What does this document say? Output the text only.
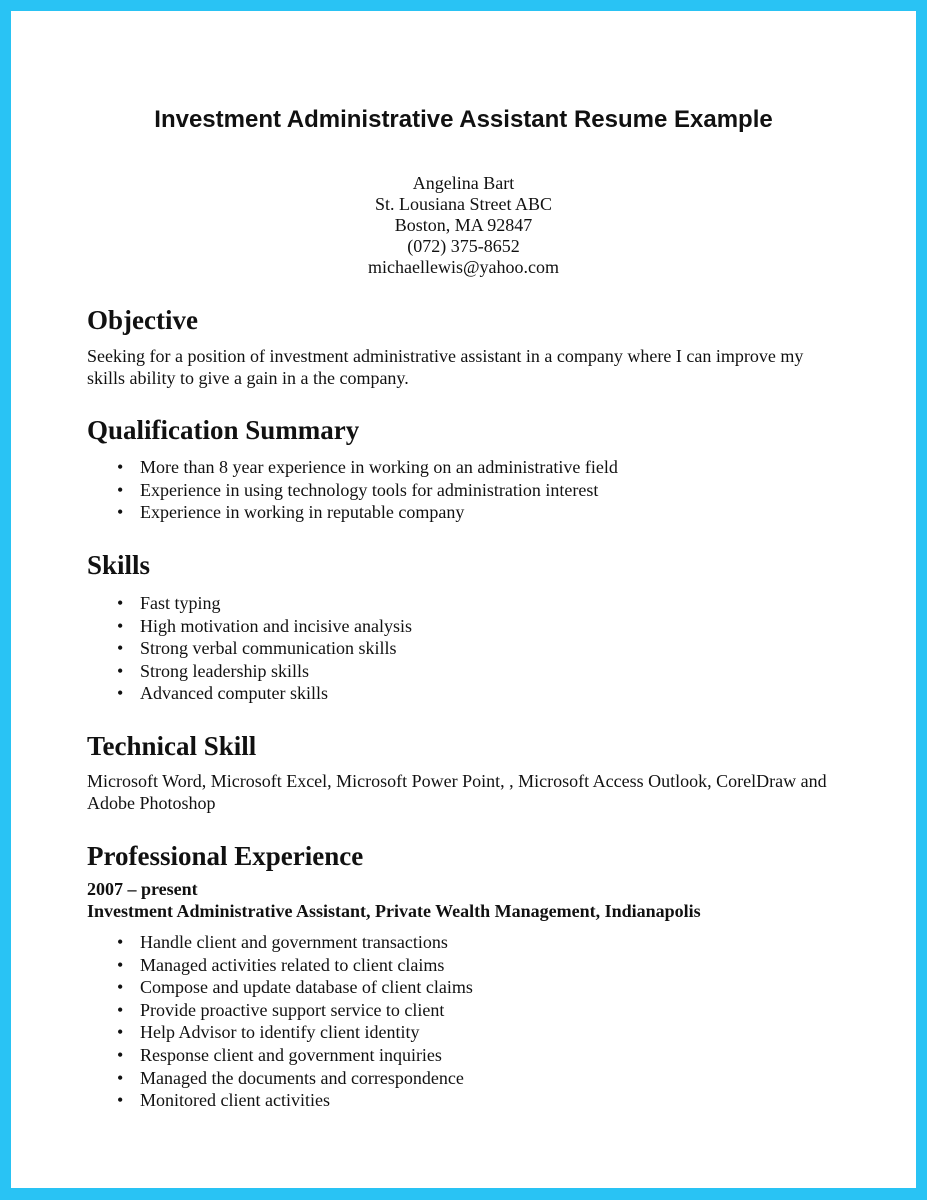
Investment Administrative Assistant Resume Example
Angelina Bart
St. Lousiana Street ABC
Boston, MA 92847
(072) 375-8652
michaellewis@yahoo.com
Objective

Seeking for a position of investment administrative assistant in a company where I can improve my

skills ability to give a gain in a the company.

Qualification Summary
• More than 8 year experience in working on an administrative field
• Experience in using technology tools for administration interest
• Experience in working in reputable company
Skills
• Fast typing
• High motivation and incisive analysis
• Strong verbal communication skills
• Strong leadership skills
• Advanced computer skills
Technical Skill

Microsoft Word, Microsoft Excel, Microsoft Power Point, , Microsoft Access Outlook, CorelDraw and

Adobe Photoshop

Professional Experience
2007 – present
Investment Administrative Assistant, Private Wealth Management, Indianapolis
• Handle client and government transactions
• Managed activities related to client claims
• Compose and update database of client claims
• Provide proactive support service to client
• Help Advisor to identify client identity
• Response client and government inquiries
• Managed the documents and correspondence
• Monitored client activities
